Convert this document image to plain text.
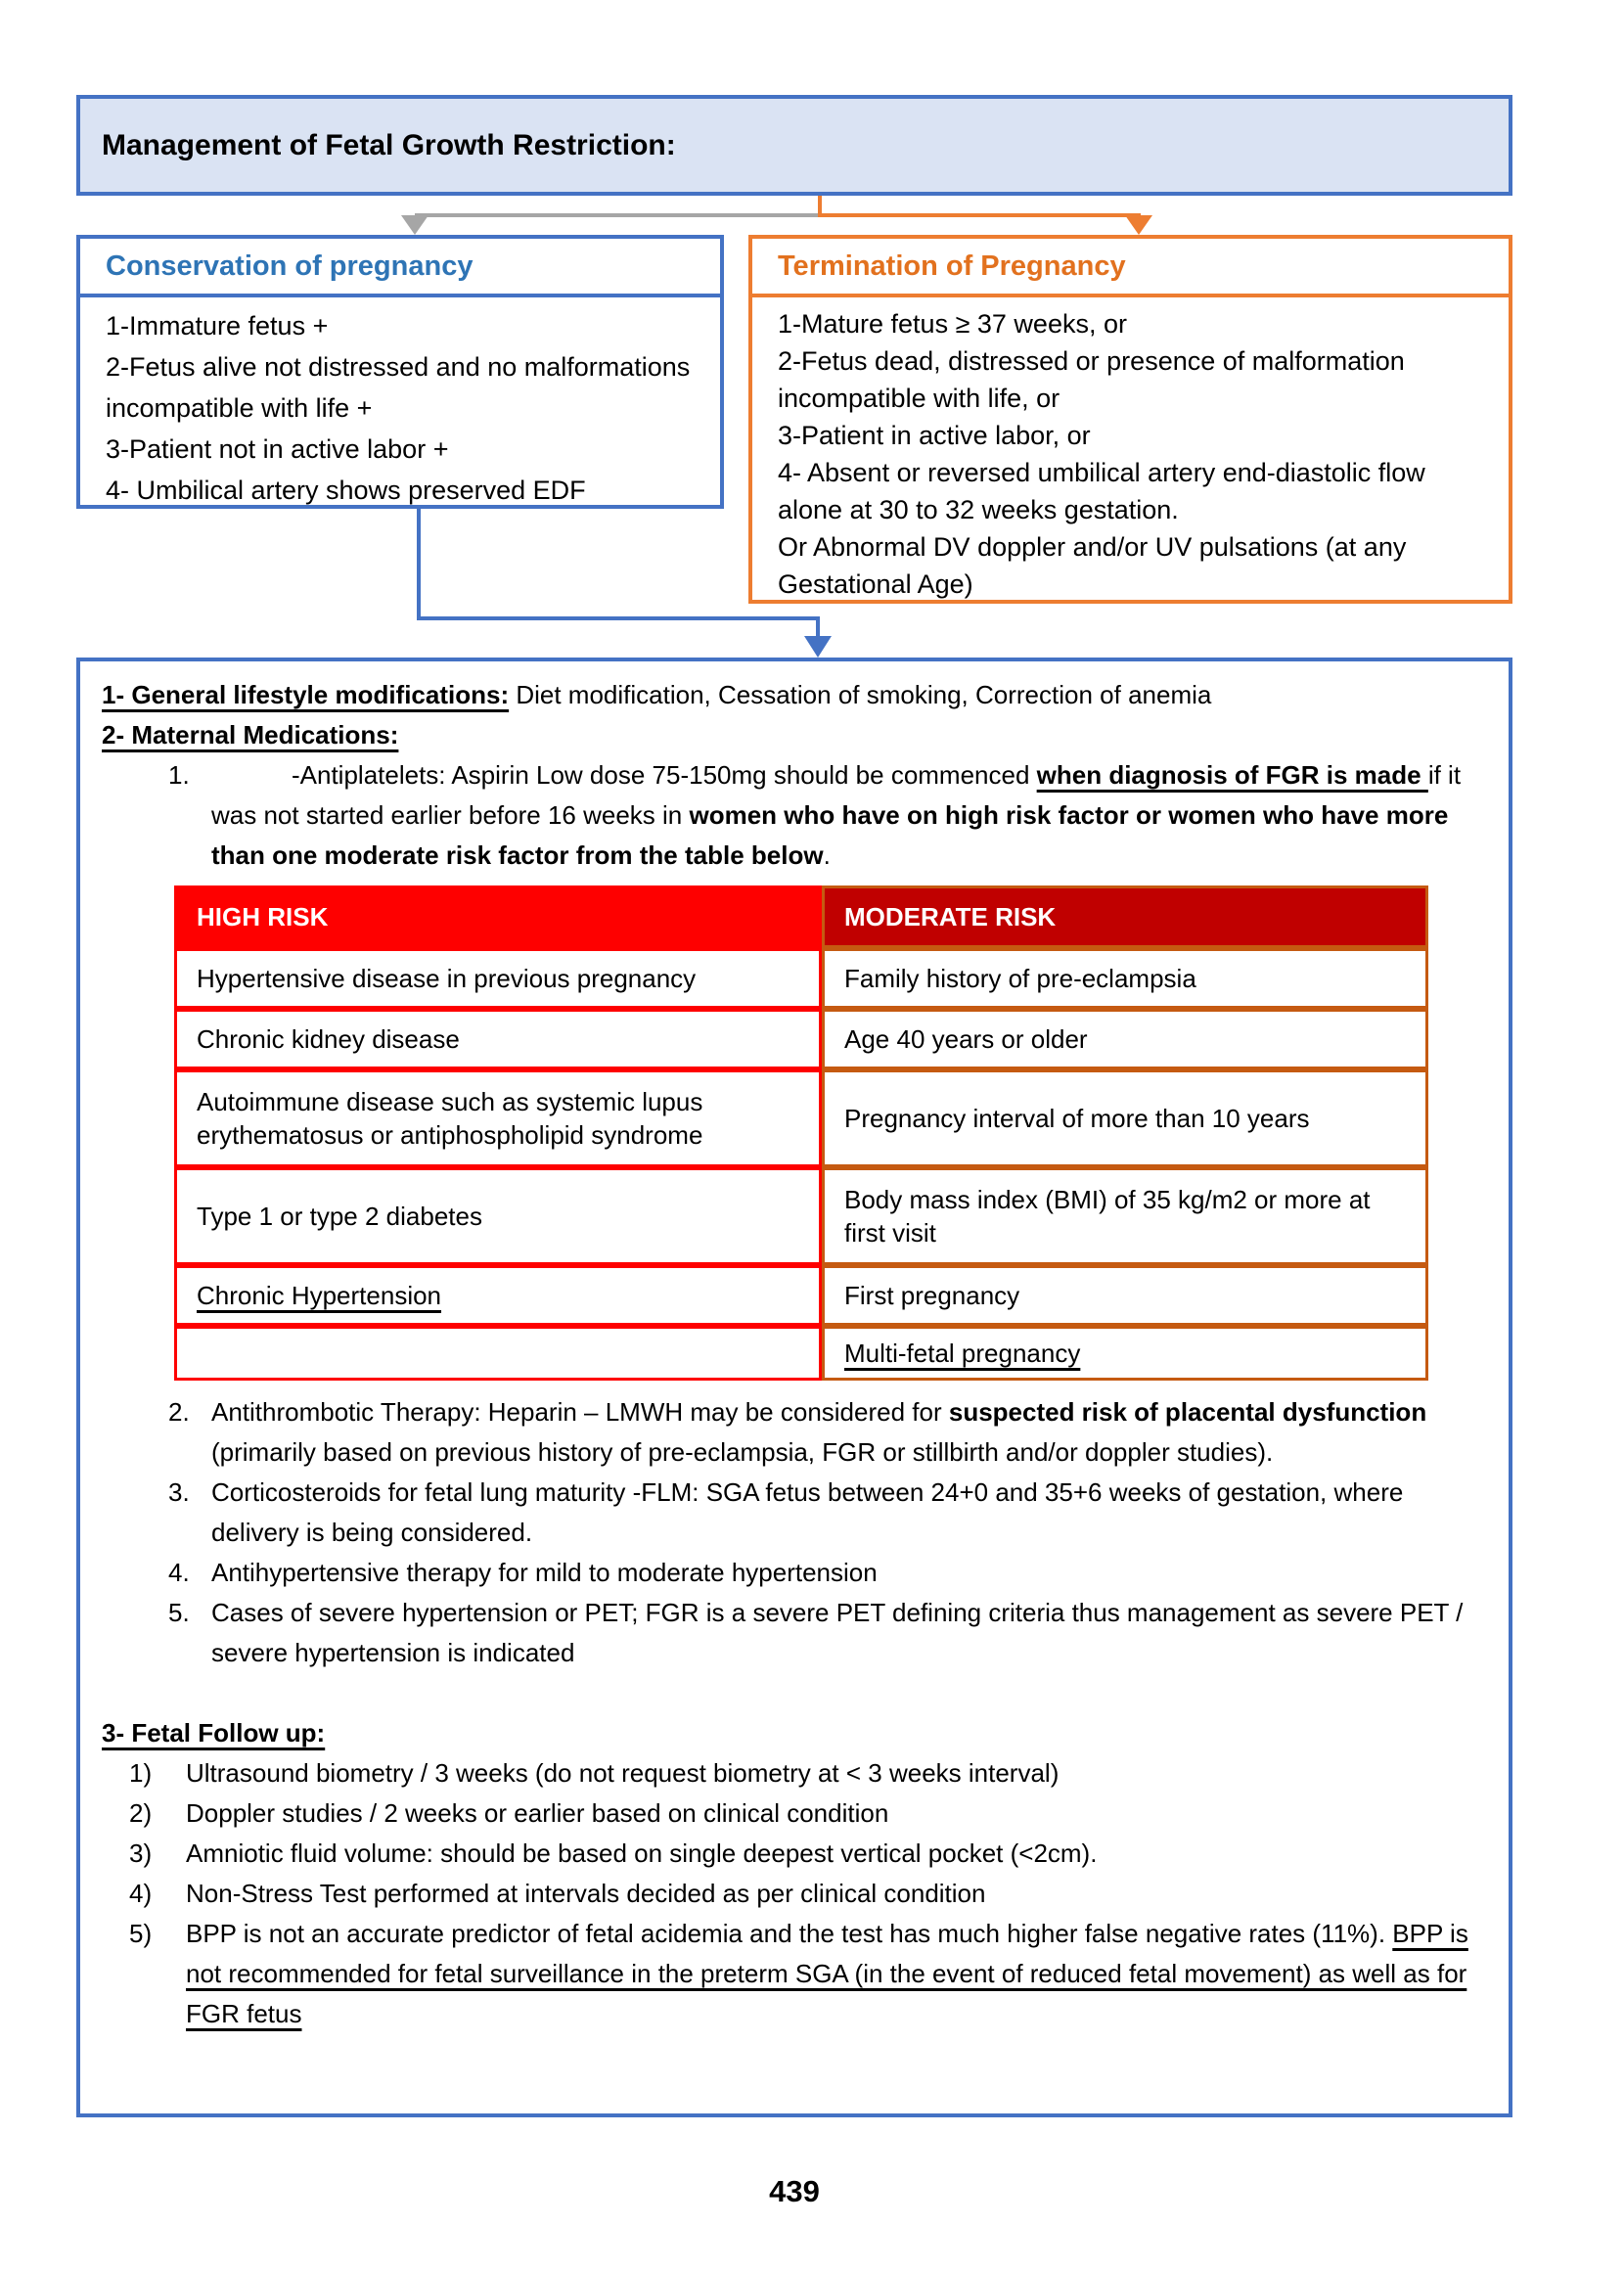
Management of Fetal Growth Restriction:
Conservation of pregnancy
1-Immature fetus +
2-Fetus alive not distressed and no malformations incompatible with life +
3-Patient not in active labor +
4- Umbilical artery shows preserved EDF
Termination of Pregnancy
1-Mature fetus ≥ 37 weeks, or
2-Fetus dead, distressed or presence of malformation incompatible with life, or
3-Patient in active labor, or
4- Absent or reversed umbilical artery end-diastolic flow alone at 30 to 32 weeks gestation.
Or Abnormal DV doppler and/or UV pulsations (at any Gestational Age)

1- General lifestyle modifications: Diet modification, Cessation of smoking, Correction of anemia

2- Maternal Medications:

1.	-Antiplatelets: Aspirin Low dose 75-150mg should be commenced when diagnosis of FGR is made if it was not started earlier before 16 weeks in women who have on high risk factor or women who have more than one moderate risk factor from the table below.
HIGH RISK	MODERATE RISK
Hypertensive disease in previous pregnancy	Family history of pre-eclampsia
Chronic kidney disease	Age 40 years or older
Autoimmune disease such as systemic lupus erythematosus or antiphospholipid syndrome	Pregnancy interval of more than 10 years
Type 1 or type 2 diabetes	Body mass index (BMI) of 35 kg/m2 or more at first visit
Chronic Hypertension	First pregnancy
	Multi-fetal pregnancy
2. Antithrombotic Therapy: Heparin – LMWH may be considered for suspected risk of placental dysfunction (primarily based on previous history of pre-eclampsia, FGR or stillbirth and/or doppler studies).
3. Corticosteroids for fetal lung maturity -FLM: SGA fetus between 24+0 and 35+6 weeks of gestation, where delivery is being considered.
4. Antihypertensive therapy for mild to moderate hypertension
5. Cases of severe hypertension or PET; FGR is a severe PET defining criteria thus management as severe PET / severe hypertension is indicated

3- Fetal Follow up:

1)	Ultrasound biometry / 3 weeks (do not request biometry at < 3 weeks interval)
2)	Doppler studies / 2 weeks or earlier based on clinical condition
3)	Amniotic fluid volume: should be based on single deepest vertical pocket (<2cm).
4)	Non-Stress Test performed at intervals decided as per clinical condition
5)	BPP is not an accurate predictor of fetal acidemia and the test has much higher false negative rates (11%). BPP is not recommended for fetal surveillance in the preterm SGA (in the event of reduced fetal movement) as well as for FGR fetus
439
